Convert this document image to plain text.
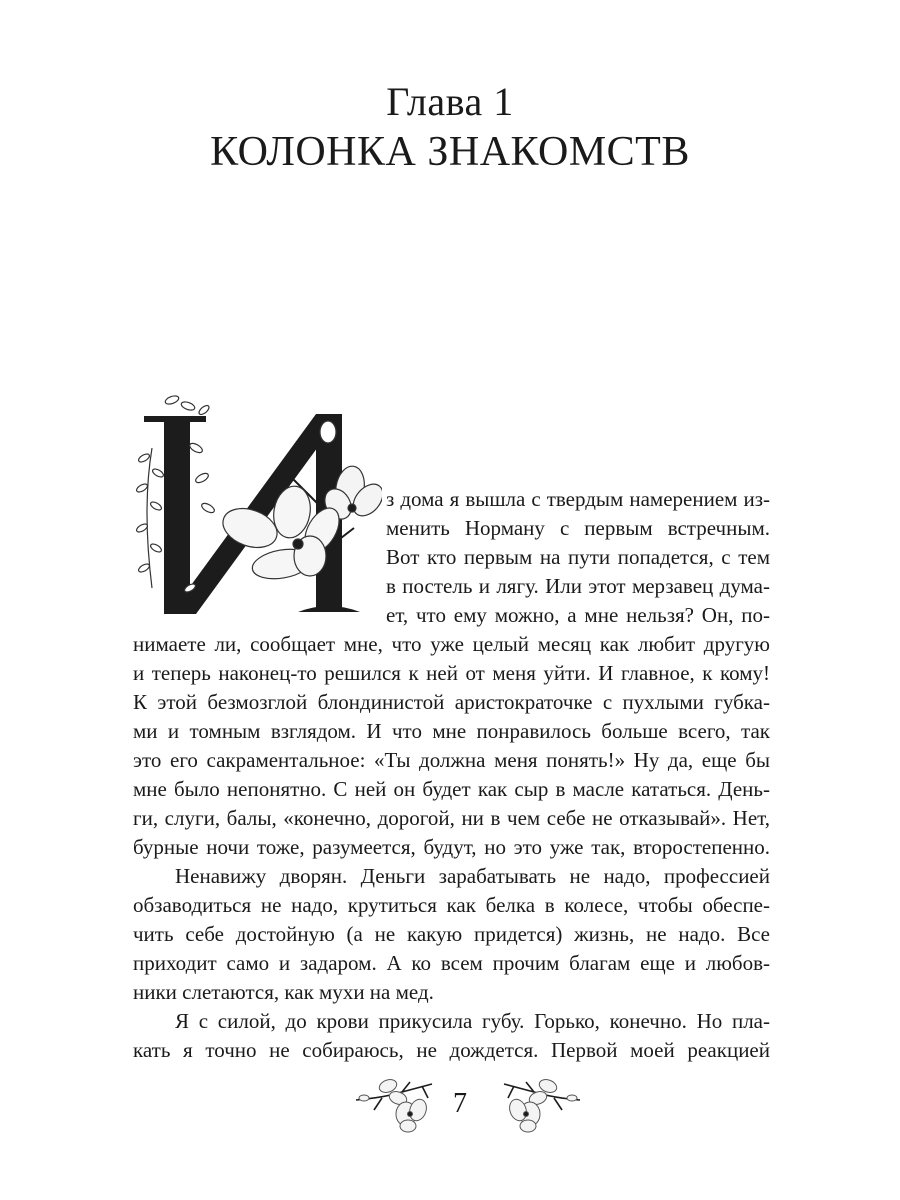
Глава 1
КОЛОНКА ЗНАКОМСТВ
з дома я вышла с твердым намерением из-
менить Норману с первым встречным.
Вот кто первым на пути попадется, с тем
в постель и лягу. Или этот мерзавец дума-
ет, что ему можно, а мне нельзя? Он, по-
нимаете ли, сообщает мне, что уже целый месяц как любит другую
и теперь наконец-то решился к ней от меня уйти. И главное, к кому!
К этой безмозглой блондинистой аристократочке с пухлыми губка-
ми и томным взглядом. И что мне понравилось больше всего, так
это его сакраментальное: «Ты должна меня понять!» Ну да, еще бы
мне было непонятно. С ней он будет как сыр в масле кататься. День-
ги, слуги, балы, «конечно, дорогой, ни в чем себе не отказывай». Нет,
бурные ночи тоже, разумеется, будут, но это уже так, второстепенно.
Ненавижу дворян. Деньги зарабатывать не надо, профессией
обзаводиться не надо, крутиться как белка в колесе, чтобы обеспе-
чить себе достойную (а не какую придется) жизнь, не надо. Все
приходит само и задаром. А ко всем прочим благам еще и любов-
ники слетаются, как мухи на мед.
Я с силой, до крови прикусила губу. Горько, конечно. Но пла-
кать я точно не собираюсь, не дождется. Первой моей реакцией
7
